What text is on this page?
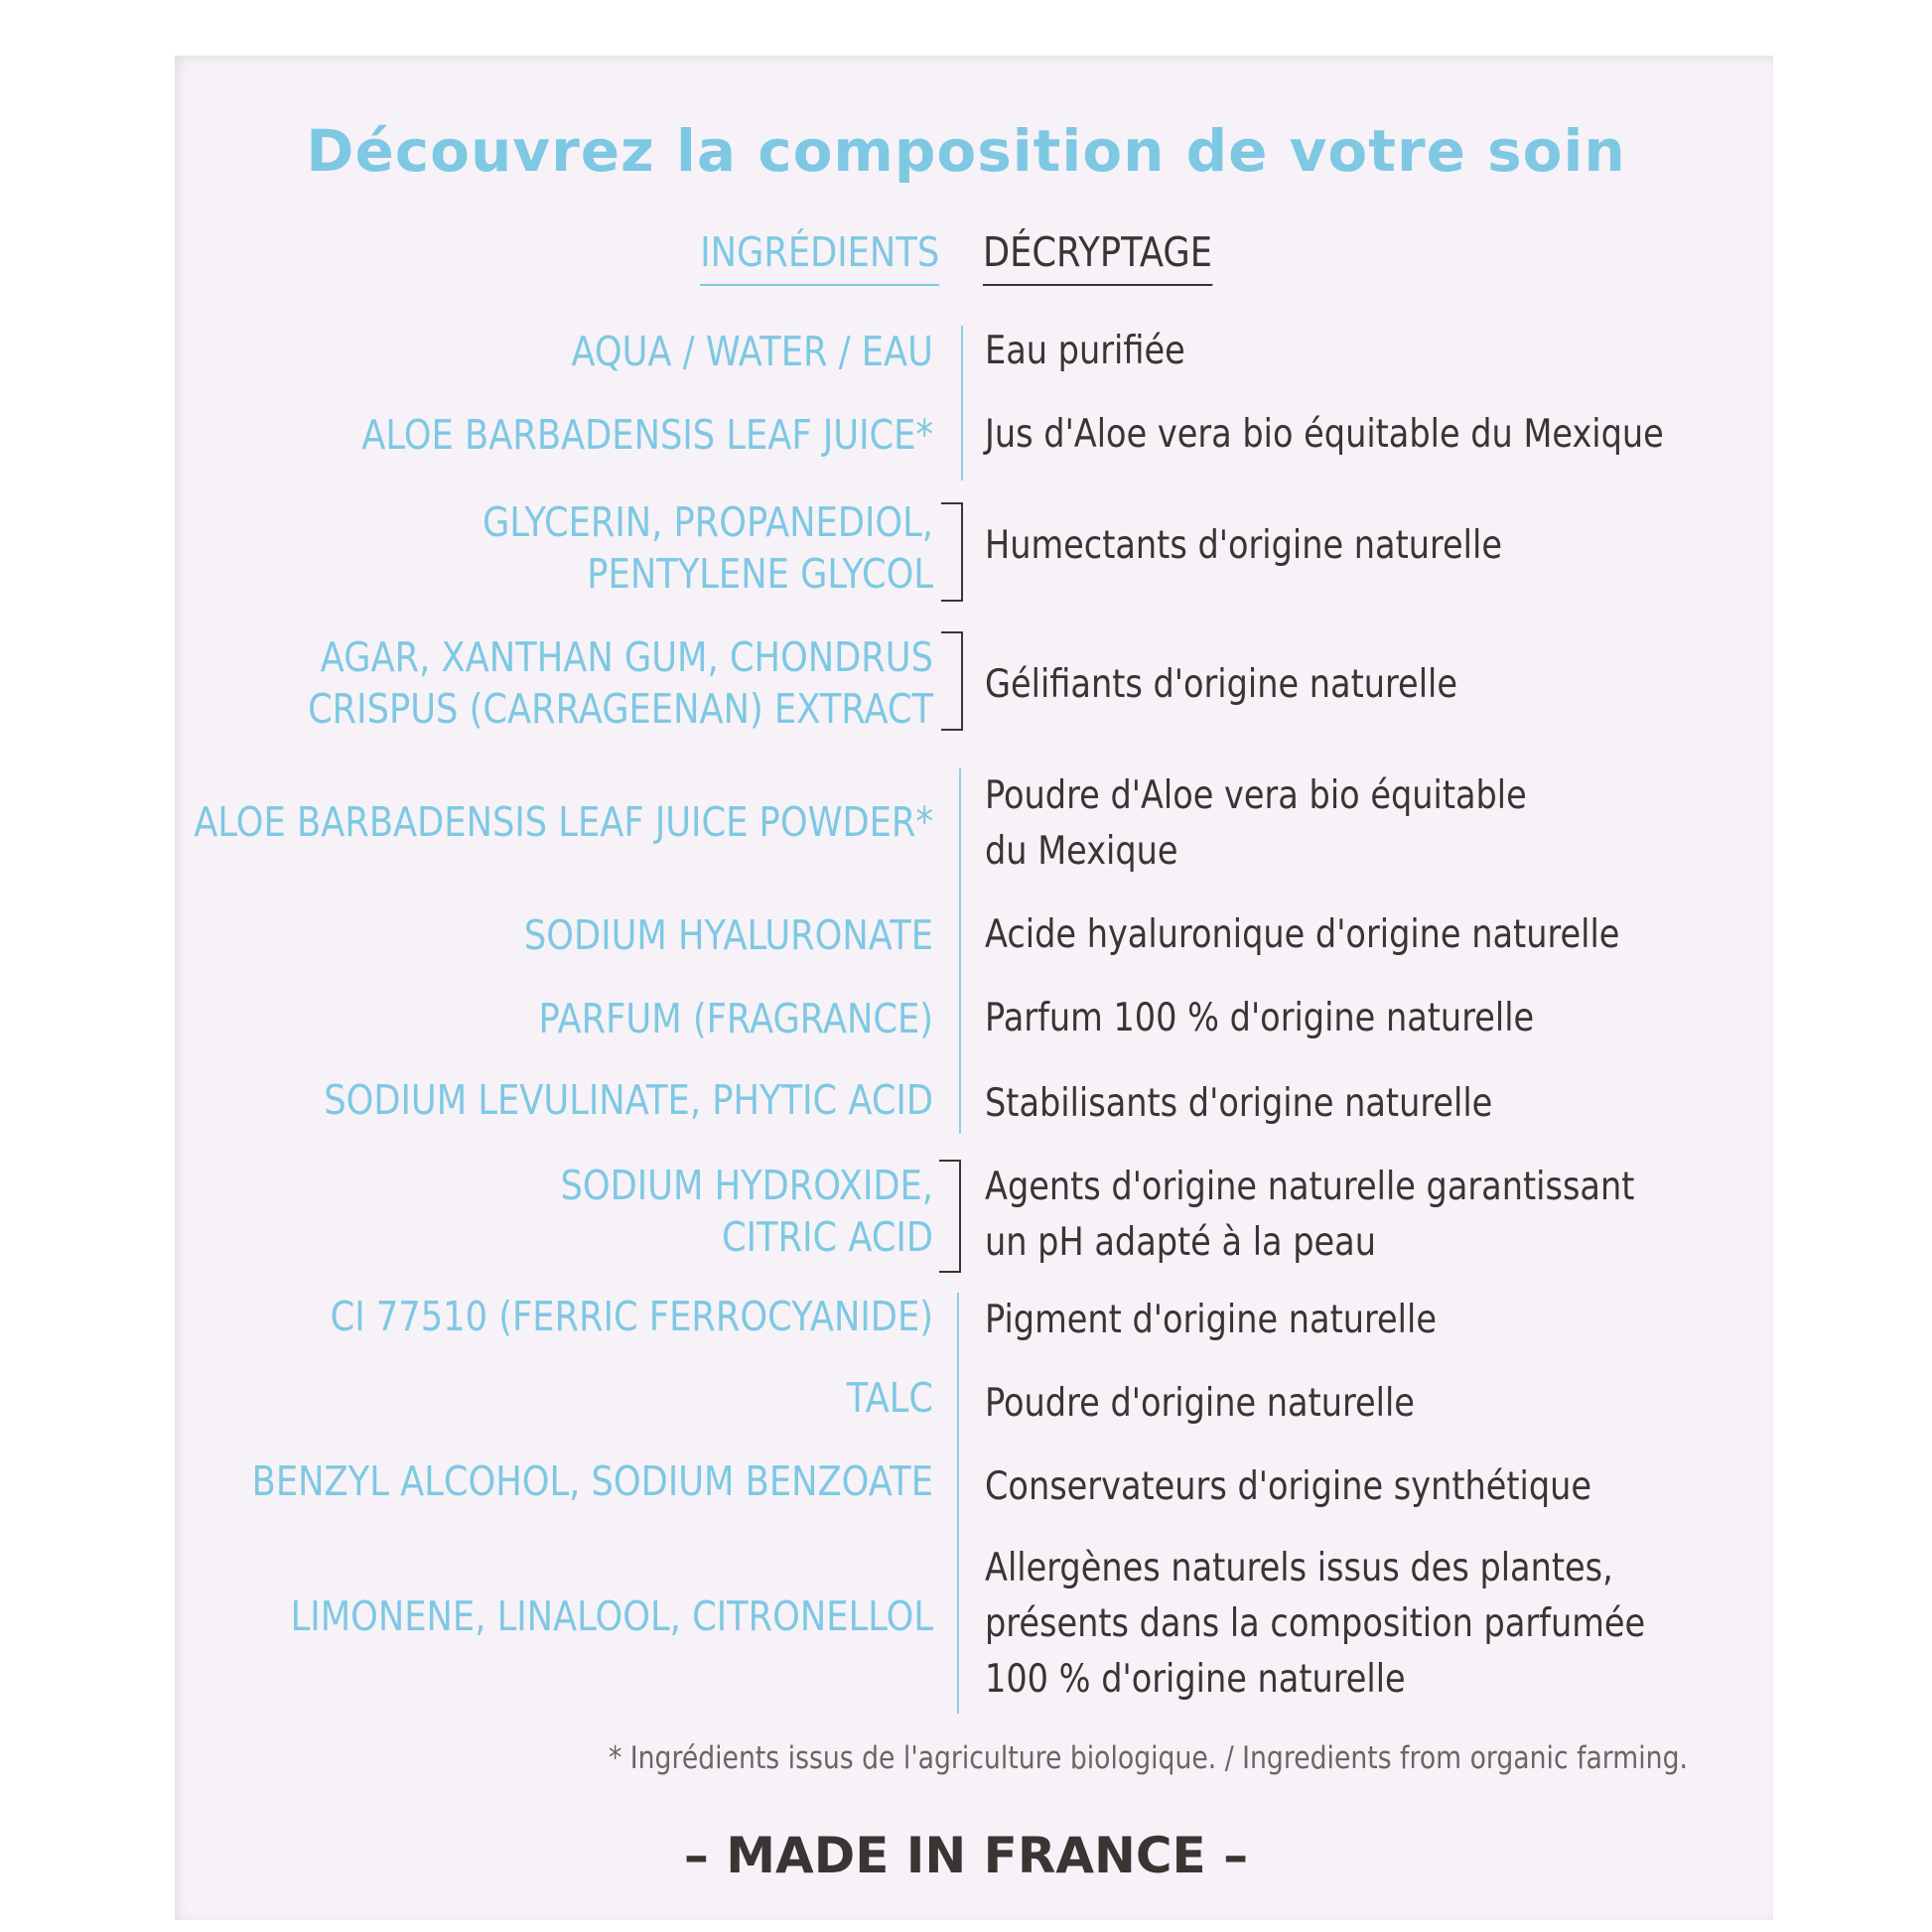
Découvrez la composition de votre soin
INGRÉDIENTS DÉCRYPTAGE
AQUA / WATER / EAU Eau purifiée
ALOE BARBADENSIS LEAF JUICE* Jus d'Aloe vera bio équitable du Mexique
GLYCERIN, PROPANEDIOL,
PENTYLENE GLYCOL
Humectants d'origine naturelle
AGAR, XANTHAN GUM, CHONDRUS
CRISPUS (CARRAGEENAN) EXTRACT
Gélifiants d'origine naturelle
ALOE BARBADENSIS LEAF JUICE POWDER*
Poudre d'Aloe vera bio équitable
du Mexique
SODIUM HYALURONATE Acide hyaluronique d'origine naturelle
PARFUM (FRAGRANCE) Parfum 100 % d'origine naturelle
SODIUM LEVULINATE, PHYTIC ACID Stabilisants d'origine naturelle
SODIUM HYDROXIDE,
CITRIC ACID
Agents d'origine naturelle garantissant
un pH adapté à la peau
CI 77510 (FERRIC FERROCYANIDE) Pigment d'origine naturelle
TALC Poudre d'origine naturelle
BENZYL ALCOHOL, SODIUM BENZOATE Conservateurs d'origine synthétique
LIMONENE, LINALOOL, CITRONELLOL
Allergènes naturels issus des plantes,
présents dans la composition parfumée
100 % d'origine naturelle
* Ingrédients issus de l'agriculture biologique. / Ingredients from organic farming.
– MADE IN FRANCE –
